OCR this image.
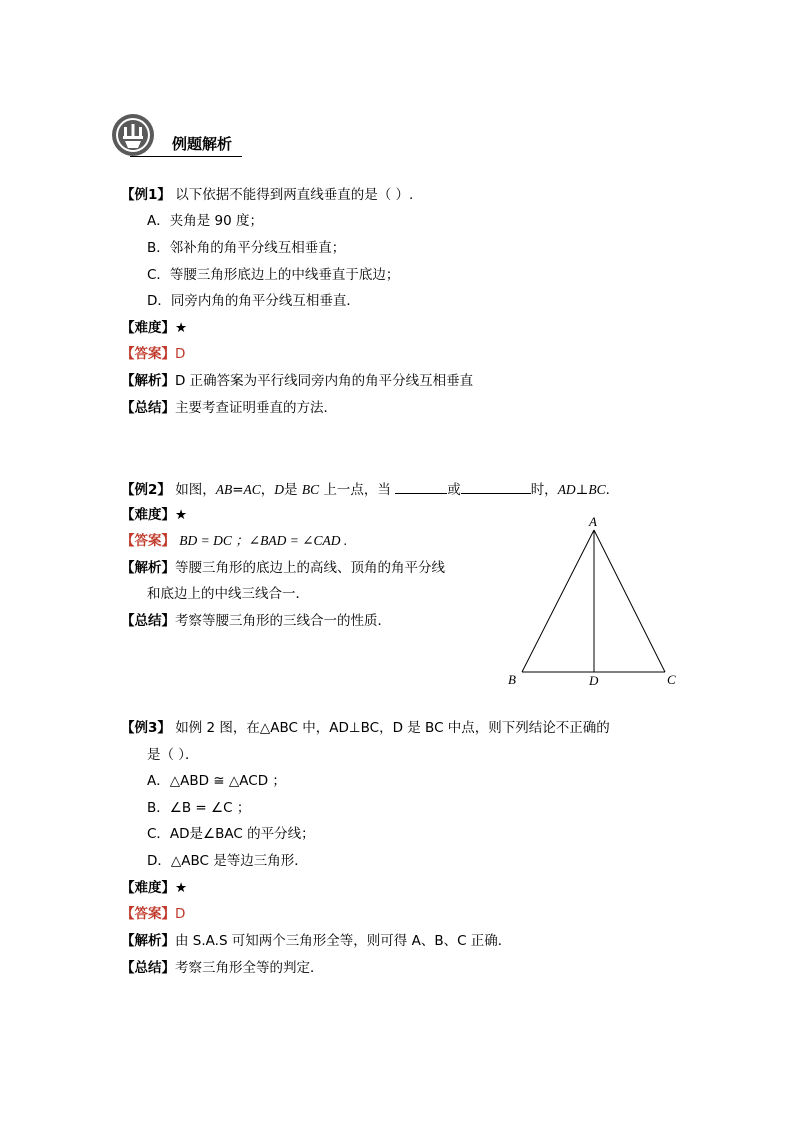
例题解析
【例1】 以下依据不能得到两直线垂直的是（ ）.
A．夹角是 90 度；
B．邻补角的角平分线互相垂直；
C．等腰三角形底边上的中线垂直于底边；
D．同旁内角的角平分线互相垂直．
【难度】★
【答案】D
【解析】D 正确答案为平行线同旁内角的角平分线互相垂直
【总结】主要考查证明垂直的方法．
【例2】 如图，AB=AC，D是 BC 上一点，当	或	时，AD⊥BC．
【难度】★
【答案】 BD = DC ；∠BAD = ∠CAD .
【解析】等腰三角形的底边上的高线、顶角的角平分线
和底边上的中线三线合一．
【总结】考察等腰三角形的三线合一的性质．
A
B	D	C
【例3】 如例 2 图，在△ABC 中，AD⊥BC，D 是 BC 中点，则下列结论不正确的
是（ ）．
A．△ABD ≅ △ACD ；
B．∠B = ∠C ；
C．AD是∠BAC 的平分线；
D．△ABC 是等边三角形．
【难度】★
【答案】D
【解析】由 S.A.S 可知两个三角形全等，则可得 A、B、C 正确．
【总结】考察三角形全等的判定．
